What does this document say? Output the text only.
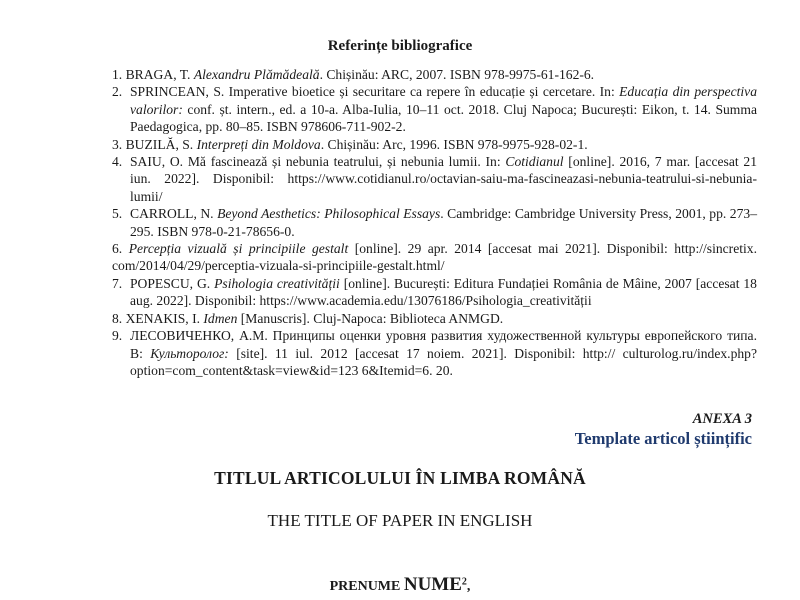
Referințe bibliografice
1. BRAGA, T. Alexandru Plămădeală. Chișinău: ARC, 2007. ISBN 978-9975-61-162-6.
2. SPRINCEAN, S. Imperative bioetice și securitare ca repere în educație și cercetare. In: Educația din perspectiva valorilor: conf. șt. intern., ed. a 10-a. Alba-Iulia, 10–11 oct. 2018. Cluj Napoca; București: Eikon, t. 14. Summa Paedagogica, pp. 80–85. ISBN 978606-711-902-2.
3. BUZILĂ, S. Interpreți din Moldova. Chișinău: Arc, 1996. ISBN 978-9975-928-02-1.
4. SAIU, O. Mă fascinează și nebunia teatrului, și nebunia lumii. In: Cotidianul [online]. 2016, 7 mar. [accesat 21 iun. 2022]. Disponibil: https://www.cotidianul.ro/octavian-saiu-ma-fascineazasi-nebunia-teatrului-si-nebunia-lumii/
5. CARROLL, N. Beyond Aesthetics: Philosophical Essays. Cambridge: Cambridge University Press, 2001, pp. 273–295. ISBN 978-0-21-78656-0.
6. Percepția vizuală și principiile gestalt [online]. 29 apr. 2014 [accesat mai 2021]. Disponibil: http://sincretix. com/2014/04/29/perceptia-vizuala-si-principiile-gestalt.html/
7. POPESCU, G. Psihologia creativității [online]. București: Editura Fundației România de Mâine, 2007 [accesat 18 aug. 2022]. Disponibil: https://www.academia.edu/13076186/Psihologia_creativității
8. XENAKIS, I. Idmen [Manuscris]. Cluj-Napoca: Biblioteca ANMGD.
9. ЛЕСОВИЧЕНКО, А.М. Принципы оценки уровня развития художественной культуры европейского типа. В: Культоролог: [site]. 11 iul. 2012 [accesat 17 noiem. 2021]. Disponibil: http:// culturolog.ru/index.php?option=com_content&task=view&id=123 6&Itemid=6. 20.
ANEXA 3
Template articol științific
TITLUL ARTICOLULUI ÎN LIMBA ROMÂNĂ
THE TITLE OF PAPER IN ENGLISH
PRENUME NUME$^2$,
